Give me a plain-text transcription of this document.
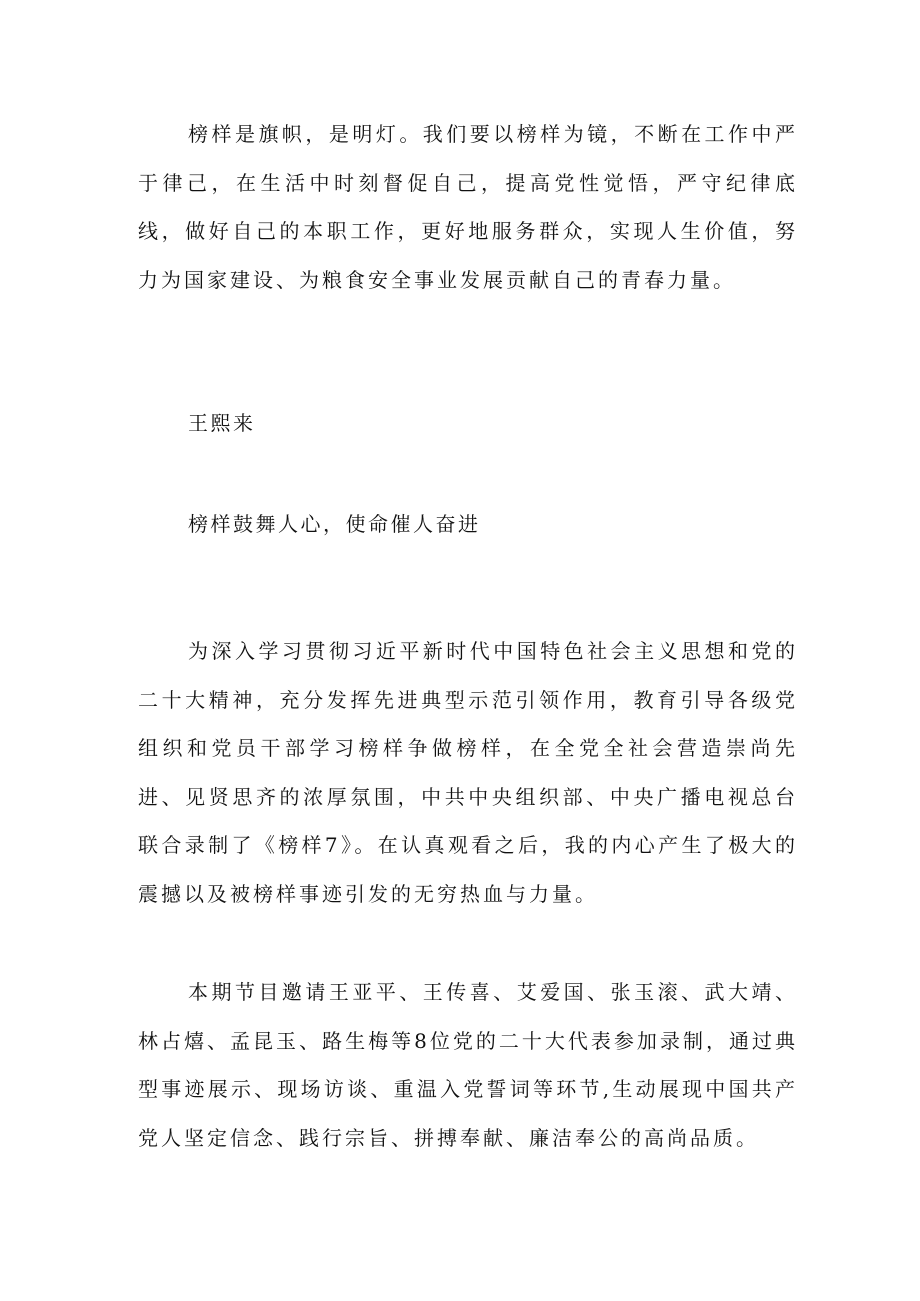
榜样是旗帜，是明灯。我们要以榜样为镜，不断在工作中严于律己，在生活中时刻督促自己，提高党性觉悟，严守纪律底线，做好自己的本职工作，更好地服务群众，实现人生价值，努力为国家建设、为粮食安全事业发展贡献自己的青春力量。

王熙来

榜样鼓舞人心，使命催人奋进

为深入学习贯彻习近平新时代中国特色社会主义思想和党的二十大精神，充分发挥先进典型示范引领作用，教育引导各级党组织和党员干部学习榜样争做榜样，在全党全社会营造崇尚先进、见贤思齐的浓厚氛围，中共中央组织部、中央广播电视总台联合录制了《榜样7》。在认真观看之后，我的内心产生了极大的震撼以及被榜样事迹引发的无穷热血与力量。

本期节目邀请王亚平、王传喜、艾爱国、张玉滚、武大靖、林占熺、孟昆玉、路生梅等8位党的二十大代表参加录制，通过典型事迹展示、现场访谈、重温入党誓词等环节,生动展现中国共产党人坚定信念、践行宗旨、拼搏奉献、廉洁奉公的高尚品质。
